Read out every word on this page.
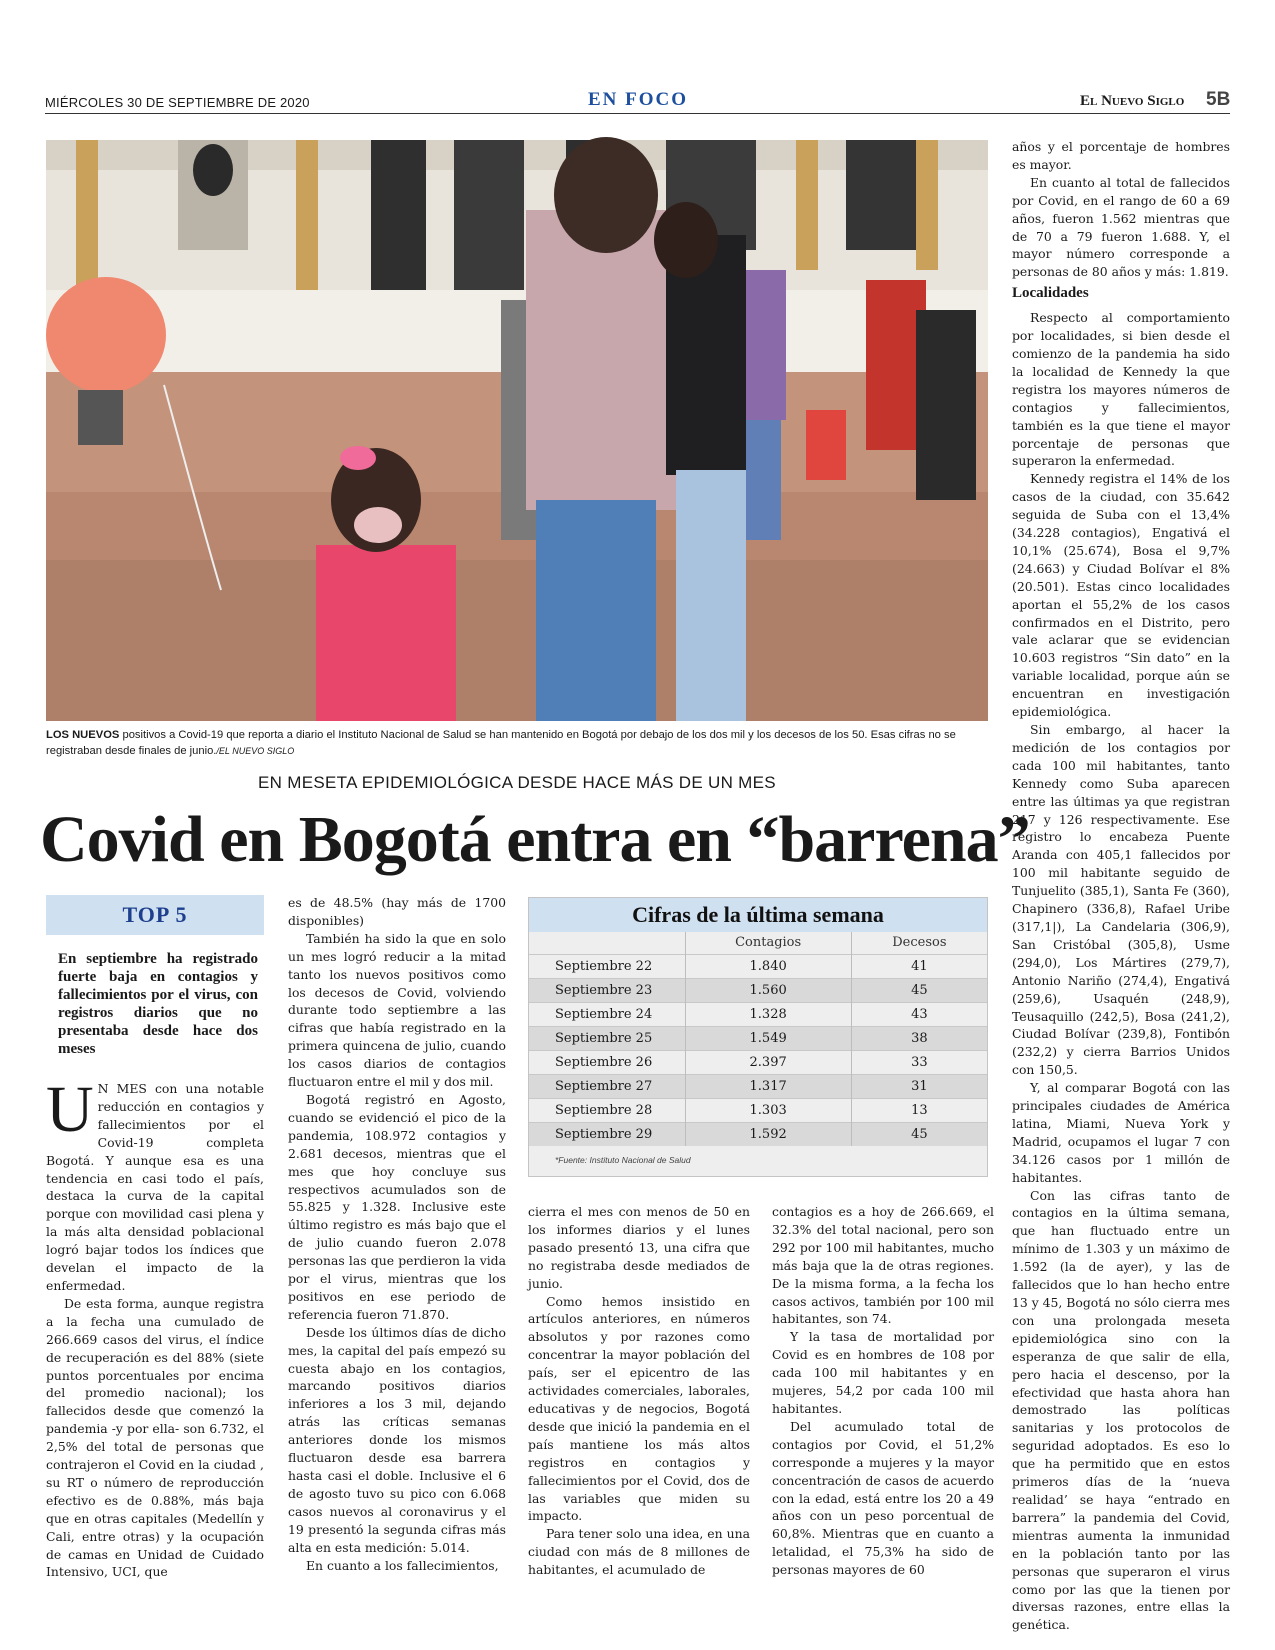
MIÉRCOLES 30 DE SEPTIEMBRE DE 2020	EN FOCO	El Nuevo Siglo 5B
LOS NUEVOS positivos a Covid-19 que reporta a diario el Instituto Nacional de Salud se han mantenido en Bogotá por debajo de los dos mil y los decesos de los 50. Esas cifras no se registraban desde finales de junio./EL NUEVO SIGLO
EN MESETA EPIDEMIOLÓGICA DESDE HACE MÁS DE UN MES
Covid en Bogotá entra en “barrena”
TOP 5
En septiembre ha registrado fuerte baja en contagios y fallecimientos por el virus, con registros diarios que no presentaba desde hace dos meses

U N MES con una notable reducción en contagios y fallecimientos por el Covid-19 completa Bogotá. Y aunque esa es una tendencia en casi todo el país, destaca la curva de la capital porque con movilidad casi plena y la más alta densidad poblacional logró bajar todos los índices que develan el impacto de la enfermedad.

De esta forma, aunque registra a la fecha una cumulado de 266.669 casos del virus, el índice de recuperación es del 88% (siete puntos porcentuales por encima del promedio nacional); los fallecidos desde que comenzó la pandemia -y por ella- son 6.732, el 2,5% del total de personas que contrajeron el Covid en la ciudad , su RT o número de reproducción efectivo es de 0.88%, más baja que en otras capitales (Medellín y Cali, entre otras) y la ocupación de camas en Unidad de Cuidado Intensivo, UCI, que

es de 48.5% (hay más de 1700 disponibles)

También ha sido la que en solo un mes logró reducir a la mitad tanto los nuevos positivos como los decesos de Covid, volviendo durante todo septiembre a las cifras que había registrado en la primera quincena de julio, cuando los casos diarios de contagios fluctuaron entre el mil y dos mil.

Bogotá registró en Agosto, cuando se evidenció el pico de la pandemia, 108.972 contagios y 2.681 decesos, mientras que el mes que hoy concluye sus respectivos acumulados son de 55.825 y 1.328. Inclusive este último registro es más bajo que el de julio cuando fueron 2.078 personas las que perdieron la vida por el virus, mientras que los positivos en ese periodo de referencia fueron 71.870.

Desde los últimos días de dicho mes, la capital del país empezó su cuesta abajo en los contagios, marcando positivos diarios inferiores a los 3 mil, dejando atrás las críticas semanas anteriores donde los mismos fluctuaron desde esa barrera hasta casi el doble. Inclusive el 6 de agosto tuvo su pico con 6.068 casos nuevos al coronavirus y el 19 presentó la segunda cifras más alta en esta medición: 5.014.

En cuanto a los fallecimientos,

Cifras de la última semana
	Contagios	Decesos
Septiembre 22	1.840	41
Septiembre 23	1.560	45
Septiembre 24	1.328	43
Septiembre 25	1.549	38
Septiembre 26	2.397	33
Septiembre 27	1.317	31
Septiembre 28	1.303	13
Septiembre 29	1.592	45
*Fuente: Instituto Nacional de Salud

cierra el mes con menos de 50 en los informes diarios y el lunes pasado presentó 13, una cifra que no registraba desde mediados de junio.

Como hemos insistido en artículos anteriores, en números absolutos y por razones como concentrar la mayor población del país, ser el epicentro de las actividades comerciales, laborales, educativas y de negocios, Bogotá desde que inició la pandemia en el país mantiene los más altos registros en contagios y fallecimientos por el Covid, dos de las variables que miden su impacto.

Para tener solo una idea, en una ciudad con más de 8 millones de habitantes, el acumulado de

contagios es a hoy de 266.669, el 32.3% del total nacional, pero son 292 por 100 mil habitantes, mucho más baja que la de otras regiones. De la misma forma, a la fecha los casos activos, también por 100 mil habitantes, son 74.

Y la tasa de mortalidad por Covid es en hombres de 108 por cada 100 mil habitantes y en mujeres, 54,2 por cada 100 mil habitantes.

Del acumulado total de contagios por Covid, el 51,2% corresponde a mujeres y la mayor concentración de casos de acuerdo con la edad, está entre los 20 a 49 años con un peso porcentual de 60,8%. Mientras que en cuanto a letalidad, el 75,3% ha sido de personas mayores de 60

años y el porcentaje de hombres es mayor.

En cuanto al total de fallecidos por Covid, en el rango de 60 a 69 años, fueron 1.562 mientras que de 70 a 79 fueron 1.688. Y, el mayor número corresponde a personas de 80 años y más: 1.819.

Localidades

Respecto al comportamiento por localidades, si bien desde el comienzo de la pandemia ha sido la localidad de Kennedy la que registra los mayores números de contagios y fallecimientos, también es la que tiene el mayor porcentaje de personas que superaron la enfermedad.

Kennedy registra el 14% de los casos de la ciudad, con 35.642 seguida de Suba con el 13,4% (34.228 contagios), Engativá el 10,1% (25.674), Bosa el 9,7% (24.663) y Ciudad Bolívar el 8% (20.501). Estas cinco localidades aportan el 55,2% de los casos confirmados en el Distrito, pero vale aclarar que se evidencian 10.603 registros “Sin dato” en la variable localidad, porque aún se encuentran en investigación epidemiológica.

Sin embargo, al hacer la medición de los contagios por cada 100 mil habitantes, tanto Kennedy como Suba aparecen entre las últimas ya que registran 217 y 126 respectivamente. Ese registro lo encabeza Puente Aranda con 405,1 fallecidos por 100 mil habitante seguido de Tunjuelito (385,1), Santa Fe (360), Chapinero (336,8), Rafael Uribe (317,1|), La Candelaria (306,9), San Cristóbal (305,8), Usme (294,0), Los Mártires (279,7), Antonio Nariño (274,4), Engativá (259,6), Usaquén (248,9), Teusaquillo (242,5), Bosa (241,2), Ciudad Bolívar (239,8), Fontibón (232,2) y cierra Barrios Unidos con 150,5.

Y, al comparar Bogotá con las principales ciudades de América latina, Miami, Nueva York y Madrid, ocupamos el lugar 7 con 34.126 casos por 1 millón de habitantes.

Con las cifras tanto de contagios en la última semana, que han fluctuado entre un mínimo de 1.303 y un máximo de 1.592 (la de ayer), y las de fallecidos que lo han hecho entre 13 y 45, Bogotá no sólo cierra mes con una prolongada meseta epidemiológica sino con la esperanza de que salir de ella, pero hacia el descenso, por la efectividad que hasta ahora han demostrado las políticas sanitarias y los protocolos de seguridad adoptados. Es eso lo que ha permitido que en estos primeros días de la ‘nueva realidad’ se haya “entrado en barrera” la pandemia del Covid, mientras aumenta la inmunidad en la población tanto por las personas que superaron el virus como por las que la tienen por diversas razones, entre ellas la genética.
